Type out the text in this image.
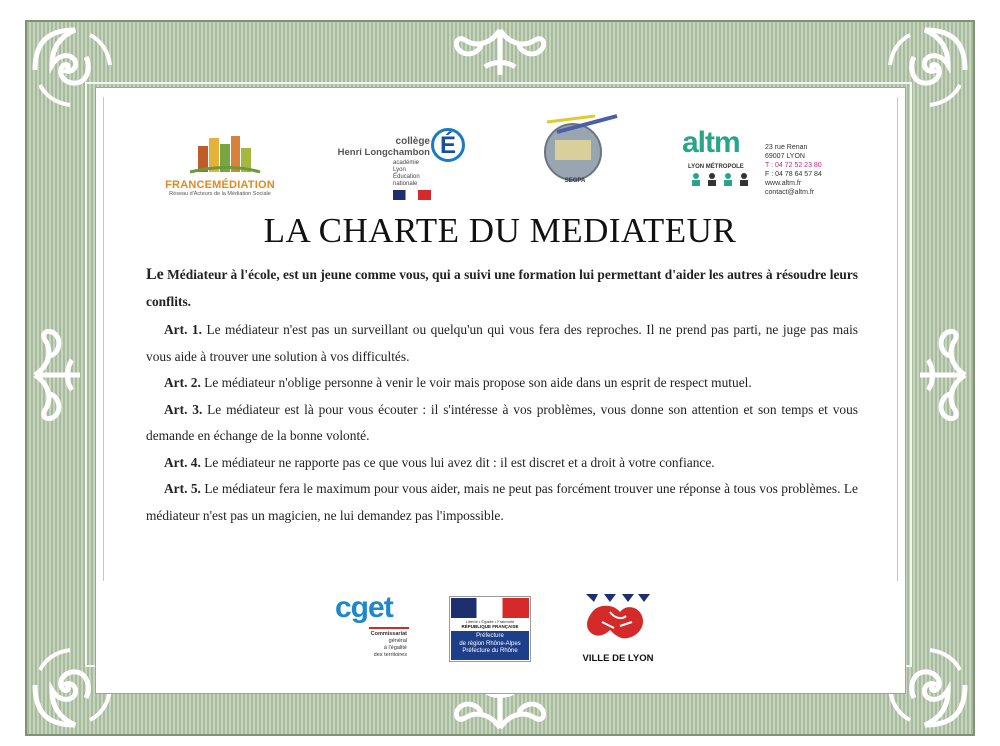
FRANCEMÉDIATION
Réseau d'Acteurs de la Médiation Sociale
collège
Henri Longchambon É
académie
Lyon
Éducation
nationale	SEGPA
altm
LYON MÉTROPOLE
23 rue Renan
69007 LYON
T : 04 72 52 23 80
F : 04 78 64 57 84
www.altm.fr
contact@altm.fr
LA CHARTE DU MEDIATEUR

Le Médiateur à l'école, est un jeune comme vous, qui a suivi une formation lui permettant d'aider les autres à résoudre leurs conflits.

Art. 1. Le médiateur n'est pas un surveillant ou quelqu'un qui vous fera des reproches. Il ne prend pas parti, ne juge pas mais vous aide à trouver une solution à vos difficultés.

Art. 2. Le médiateur n'oblige personne à venir le voir mais propose son aide dans un esprit de respect mutuel.

Art. 3. Le médiateur est là pour vous écouter : il s'intéresse à vos problèmes, vous donne son attention et son temps et vous demande en échange de la bonne volonté.

Art. 4. Le médiateur ne rapporte pas ce que vous lui avez dit : il est discret et a droit à votre confiance.

Art. 5. Le médiateur fera le maximum pour vous aider, mais ne peut pas forcément trouver une réponse à tous vos problèmes. Le médiateur n'est pas un magicien, ne lui demandez pas l'impossible.

cget
Commissariat
général
à l'égalité
des territoires
Liberté • Égalité • Fraternité
RÉPUBLIQUE FRANÇAISE
Préfecture
de région Rhône-Alpes
Préfecture du Rhône
VILLE DE LYON
